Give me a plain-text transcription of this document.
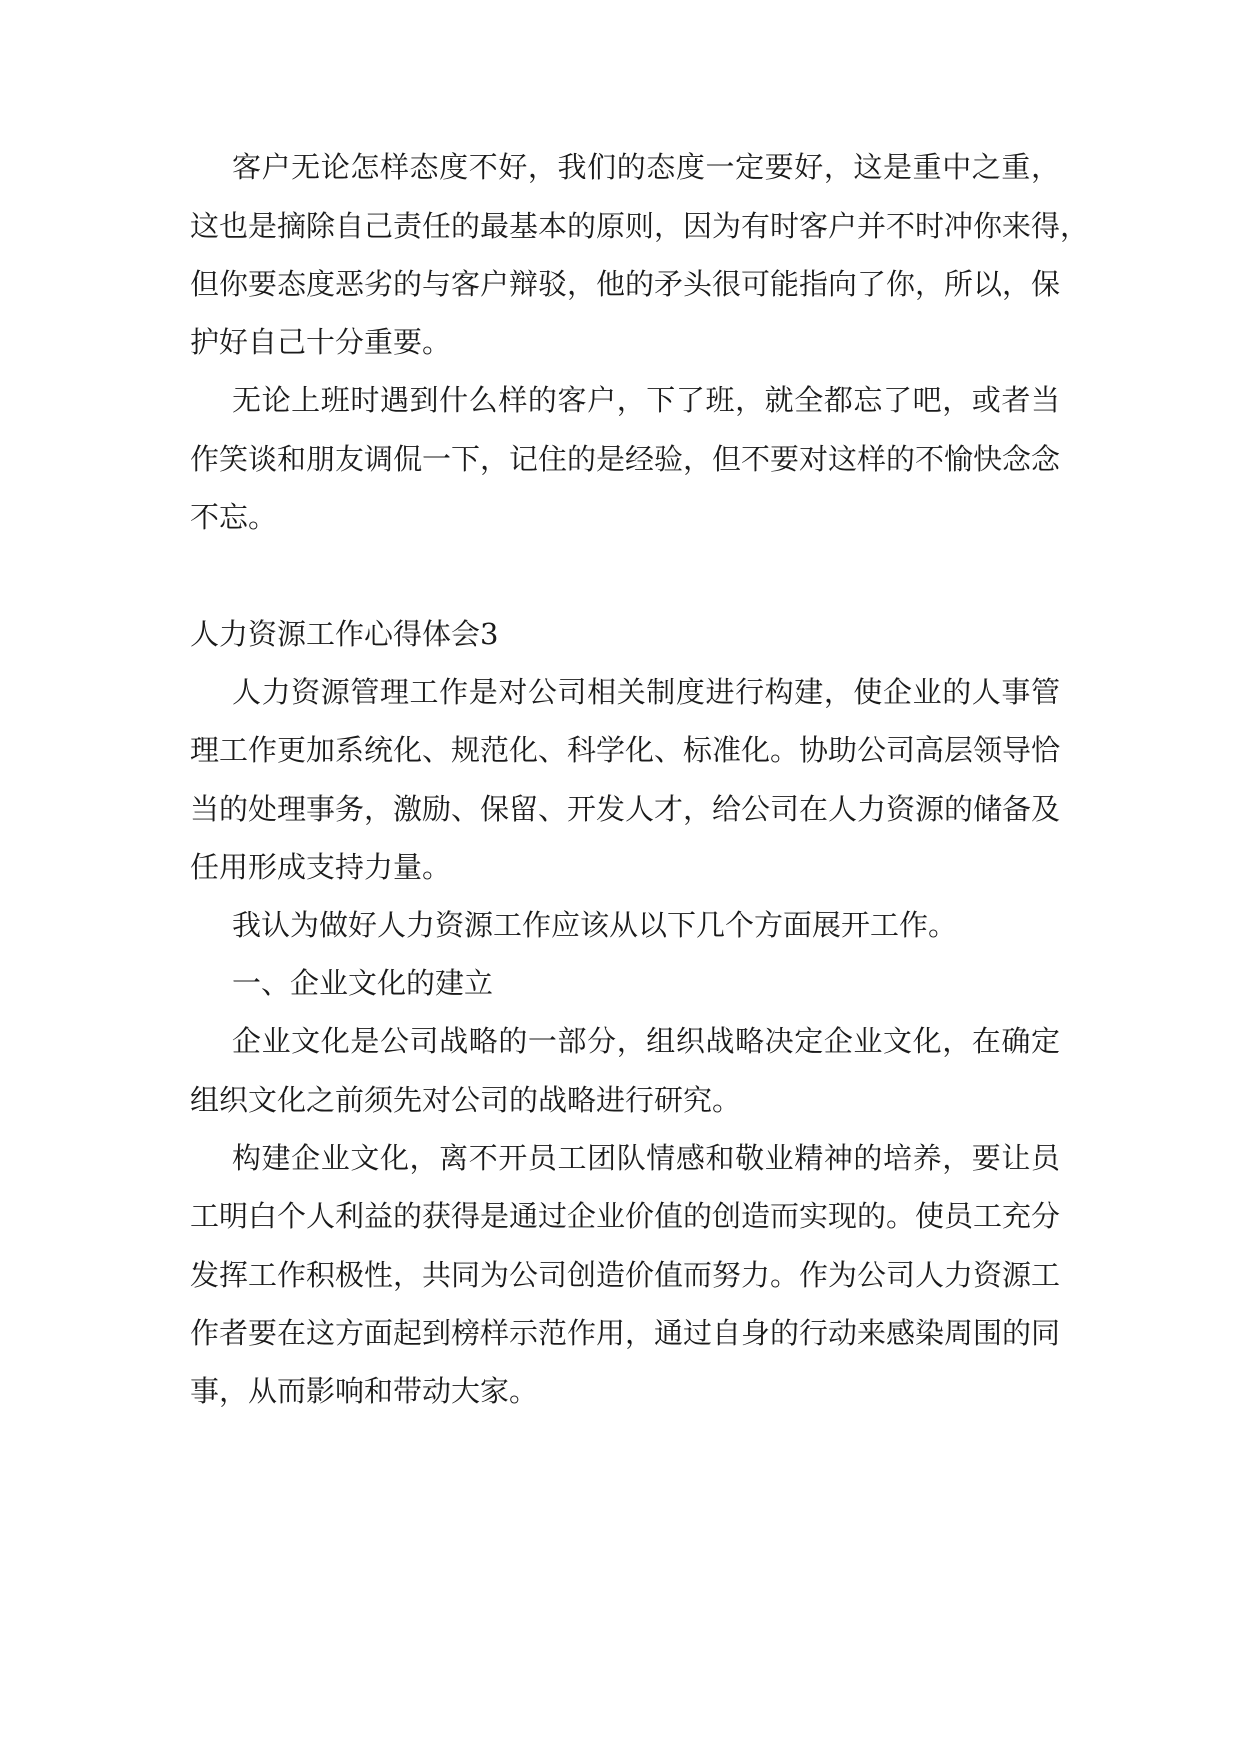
客户无论怎样态度不好，我们的态度一定要好，这是重中之重，

这也是摘除自己责任的最基本的原则，因为有时客户并不时冲你来得，

但你要态度恶劣的与客户辩驳，他的矛头很可能指向了你，所以，保

护好自己十分重要。

无论上班时遇到什么样的客户，下了班，就全都忘了吧，或者当

作笑谈和朋友调侃一下，记住的是经验，但不要对这样的不愉快念念

不忘。

人力资源工作心得体会3

人力资源管理工作是对公司相关制度进行构建，使企业的人事管

理工作更加系统化、规范化、科学化、标准化。协助公司高层领导恰

当的处理事务，激励、保留、开发人才，给公司在人力资源的储备及

任用形成支持力量。

我认为做好人力资源工作应该从以下几个方面展开工作。

一、企业文化的建立

企业文化是公司战略的一部分，组织战略决定企业文化，在确定

组织文化之前须先对公司的战略进行研究。

构建企业文化，离不开员工团队情感和敬业精神的培养，要让员

工明白个人利益的获得是通过企业价值的创造而实现的。使员工充分

发挥工作积极性，共同为公司创造价值而努力。作为公司人力资源工

作者要在这方面起到榜样示范作用，通过自身的行动来感染周围的同

事，从而影响和带动大家。
